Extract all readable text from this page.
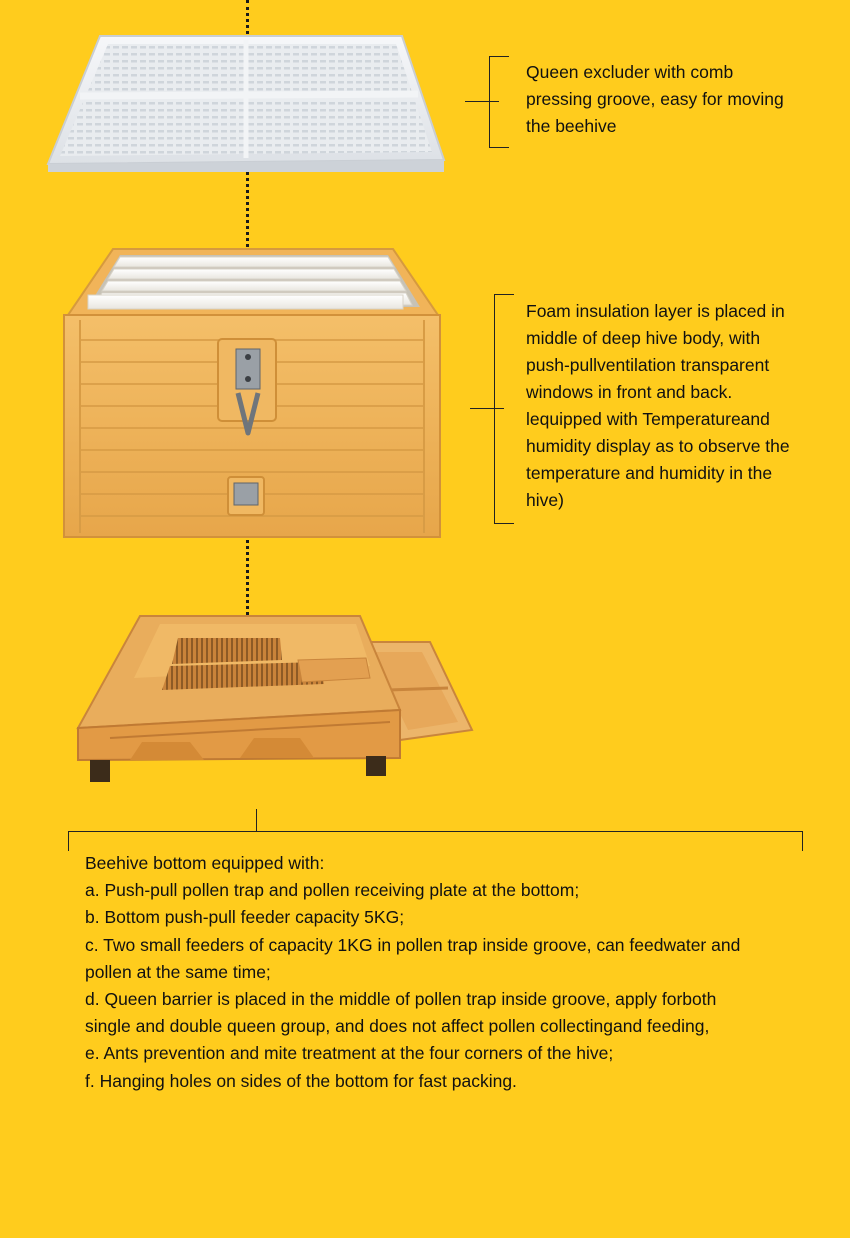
Queen excluder with comb

pressing groove, easy for moving

the beehive

Foam insulation layer is placed in

middle of deep hive body, with

push-pullventilation transparent

windows in front and back.

lequipped with Temperatureand

humidity display as to observe the

temperature and humidity in the

hive)

Beehive bottom equipped with:

a. Push-pull pollen trap and pollen receiving plate at the bottom;

b. Bottom push-pull feeder capacity 5KG;

c. Two small feeders of capacity 1KG in pollen trap inside groove, can feedwater and

pollen at the same time;

d. Queen barrier is placed in the middle of pollen trap inside groove, apply forboth

single and double queen group, and does not affect pollen collectingand feeding,

e. Ants prevention and mite treatment at the four corners of the hive;

f. Hanging holes on sides of the bottom for fast packing.
